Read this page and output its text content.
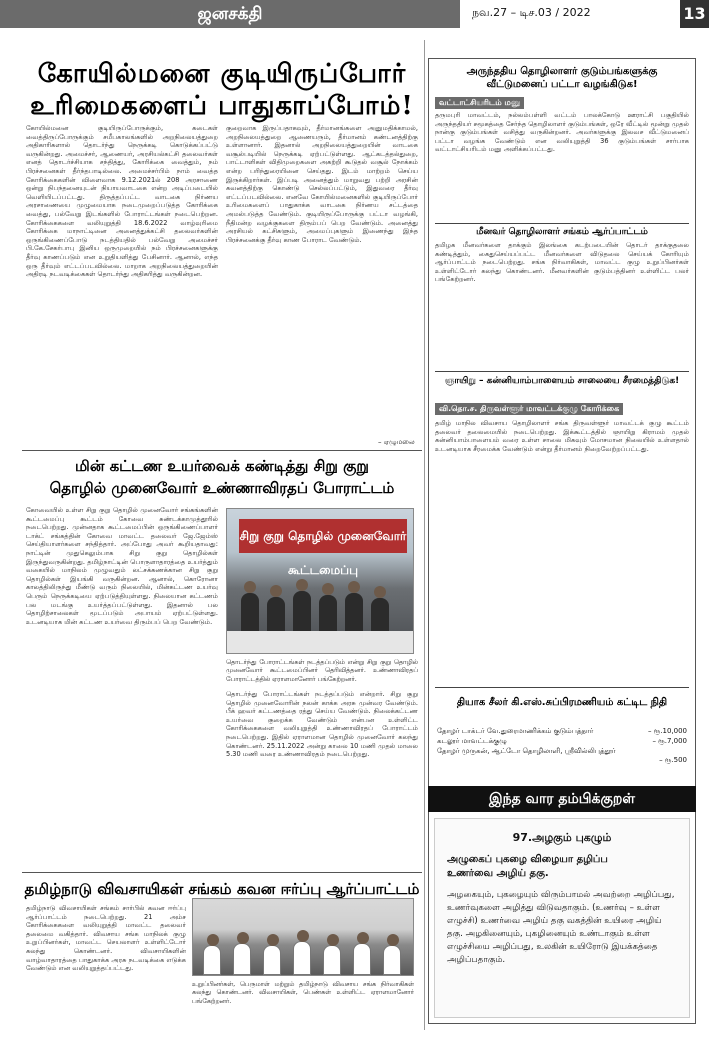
ஜனசக்தி	நவ.27 – டிச.03 / 2022	13
கோயில்மனை குடியிருப்போர்
உரிமைகளைப் பாதுகாப்போம்!
கோயில்மனை குடியிருப்போருக்கும், கடைகள் வைத்திருப்போருக்கும் சமீபகாலங்களில் அறநிலையத்துறை அதிகாரிகளால் தொடர்ந்து நெருக்கடி கொடுக்கப்பட்டு வருகின்றது. அமைச்சர், ஆணையர், அரசியல்கட்சி தலைவர்கள் எனத் தொடர்ச்சியாக சந்தித்து, கோரிக்கை வைத்தும், நம் பிரச்சனைகள் தீர்ந்தபாடில்லை. அமைச்சர்பிம் நாம் வைத்த கோரிக்கைகளின் விளைவாக 9.12.2021ல் 208 அரசாணை ஒன்று நிபந்தனையுடன் நியாயவாடகை என்ற அடிப்படையில் வெளியிடப்பட்டது. திருத்தப்பட்ட வாடகை நிர்ணய அரசாணையை முழுமையாக நடைமுறைப்படுத்த கோரிக்கை வைத்து, பல்வேறு இடங்களில் போராட்டங்கள் நடைபெற்றன. கோரிக்கைகளை வலியுறுத்தி 18.6.2022 வாழ்வுரிமை கோரிக்கை மாநாட்டினை அனைத்துக்கட்சி தலைவர்களின் ஒருங்கிணைப்போடு நடத்தியதில் பல்வேறு அமைச்சர் பி.கே.சேகர்பாபு இனிய ஒருமுறையில் நம் பிரச்சனைகளுக்கு தீர்வு காணப்படும் என உறுதியளித்து பேசினார். ஆனால், எந்த ஒரு தீர்வும் எட்டப்படவில்லை. மாறாக அறநிலையத்துறையின் அதிரடி நடவடிக்கைகள் தொடர்ந்து அதிகரித்து வருகின்றன.
குறைவாக இருப்பதாகவும், தீர்மானங்களை அனுமதிக்காமல், அறநிலையத்துறை ஆணையரும், தீர்மானம் கண்டனத்திற்கு உள்ளானார். இதனால் அறநிலையத்துறையின் வாடகை வசூல்படியில் நெருக்கடி ஏற்பட்டுள்ளது. ஆட்கடத்தல்துறை, பாட்டாளிகள் விதிமுறைகளை அகற்றி கூடுதல் வசூல் நோக்கம் என்ற பரிந்துரையினை செய்தது. இடம் மாற்றம் செய்ய இருக்கிறார்கள். இப்படி அனைத்தும் மாறுவது பற்றி அரசின் கவனத்திற்கு கொண்டு செல்லப்பட்டும், இதுவரை தீர்வு எட்டப்படவில்லை. எனவே கோயில்மனைகளில் குடியிருப்போர் உரிமைகளைப் பாதுகாக்க வாடகை நிர்ணய சட்டத்தை அமல்படுத்த வேண்டும். குடியிருப்போருக்கு பட்டா வழங்கி, நீதிமன்ற வழக்குகளை திரும்பப் பெற வேண்டும். அனைத்து அரசியல் கட்சிகளும், அமைப்புகளும் இணைந்து இந்த பிரச்சனைக்கு தீர்வு காண போராட வேண்டும்.
– ஏழுமலை
மின் கட்டண உயர்வைக் கண்டித்து சிறு குறு
தொழில் முனைவோர் உண்ணாவிரதப் போராட்டம்
கோவையில் உள்ள சிறு குறு தொழில் முனைவோர் சங்கங்களின் கூட்டமைப்பு கூட்டம் கோவை சுண்டக்காமுத்தூரில் நடைபெற்றது. முன்னதாக கூட்டமைப்பின் ஒருங்கிணைப்பாளர் டாக்ட் சங்கத்தின் கோவை மாவட்ட தலைவர் ஜே.ஜேம்ஸ் செய்தியாளர்களை சந்தித்தார். அப்போது அவர் கூறியதாவது: நாட்டின் முதுகெலும்பாக சிறு குறு தொழில்கள் இருந்துவருகின்றது. தமிழ்நாட்டின் பொருளாதாரத்தை உயர்த்தும் வகையில் மாநிலம் முழுவதும் லட்சக்கணக்கான சிறு குறு தொழில்கள் இயங்கி வருகின்றன. ஆனால், கொரோனா காலத்திலிருந்து மீண்டு வரும் நிலையில், மின்கட்டண உயர்வு பெரும் நெருக்கடியை ஏற்படுத்தியுள்ளது. நிலையான கட்டணம் பல மடங்கு உயர்த்தப்பட்டுள்ளது. இதனால் பல தொழிற்சாலைகள் மூடப்படும் அபாயம் ஏற்பட்டுள்ளது. உடனடியாக மின் கட்டண உயர்வை திரும்பப் பெற வேண்டும்.
சிறு குறு தொழில் முனைவோர் கூட்டமைப்பு
தொடர்ந்து போராட்டங்கள் நடத்தப்படும் என்று சிறு குறு தொழில் முனைவோர் கூட்டமைப்பினர் தெரிவித்தனர். உண்ணாவிரதப் போராட்டத்தில் ஏராளமானோர் பங்கேற்றனர்.
தொடர்ந்து போராட்டங்கள் நடத்தப்படும் என்றார். சிறு குறு தொழில் முனைவோரின் நலன் காக்க அரசு முன்வர வேண்டும். பீக் ஹவர் கட்டணத்தை ரத்து செய்ய வேண்டும். நிலைக்கட்டண உயர்வை குறைக்க வேண்டும் என்பன உள்ளிட்ட கோரிக்கைகளை வலியுறுத்தி உண்ணாவிரதப் போராட்டம் நடைபெற்றது. இதில் ஏராளமான தொழில் முனைவோர் கலந்து கொண்டனர். 25.11.2022 அன்று காலை 10 மணி முதல் மாலை 5.30 மணி வரை உண்ணாவிரதம் நடைபெற்றது.
தமிழ்நாடு விவசாயிகள் சங்கம் கவன ஈர்ப்பு ஆர்ப்பாட்டம்
தமிழ்நாடு விவசாயிகள் சங்கம் சார்பில் கவன ஈர்ப்பு ஆர்ப்பாட்டம் நடைபெற்றது. 21 அம்ச கோரிக்கைகளை வலியுறுத்தி மாவட்ட தலைவர் தலைமை வகித்தார். விவசாய சங்க மாநிலக் குழு உறுப்பினர்கள், மாவட்ட செயலாளர் உள்ளிட்டோர் கலந்து கொண்டனர். விவசாயிகளின் வாழ்வாதாரத்தை பாதுகாக்க அரசு நடவடிக்கை எடுக்க வேண்டும் என வலியுறுத்தப்பட்டது.
உறுப்பினர்கள், பெருமாள் மற்றும் தமிழ்நாடு விவசாய சங்க நிர்வாகிகள் கலந்து கொண்டனர். விவசாயிகள், பெண்கள் உள்ளிட்ட ஏராளமானோர் பங்கேற்றனர்.
அருந்ததிய தொழிலாளர் குடும்பங்களுக்கு
வீட்டுமனைப் பட்டா வழங்கிடுக!
வட்டாட்சியரிடம் மனு
தருமபுரி மாவட்டம், நல்லம்பள்ளி வட்டம் பாலக்கோடு ஊராட்சி பகுதியில் அருந்ததியர் சமூகத்தை சேர்ந்த தொழிலாளர் குடும்பங்கள், ஒரே வீட்டில் மூன்று முதல் நான்கு குடும்பங்கள் வசித்து வருகின்றனர். அவர்களுக்கு இலவச வீட்டுமனைப் பட்டா வழங்க வேண்டும் என வலியுறுத்தி 36 குடும்பங்கள் சார்பாக வட்டாட்சியரிடம் மனு அளிக்கப்பட்டது.
மீனவர் தொழிலாளர் சங்கம் ஆர்ப்பாட்டம்
தமிழக மீனவர்களை தாக்கும் இலங்கை கடற்படையின் தொடர் தாக்குதலை கண்டித்தும், கைதுசெய்யப்பட்ட மீனவர்களை விடுதலை செய்யக் கோரியும் ஆர்ப்பாட்டம் நடைபெற்றது. சங்க நிர்வாகிகள், மாவட்ட குழு உறுப்பினர்கள் உள்ளிட்டோர் கலந்து கொண்டனர். மீனவர்களின் குடும்பத்தினர் உள்ளிட்ட பலர் பங்கேற்றனர்.
ஞாயிறு – கன்னியாம்பாளையம் சாலையை சீரமைத்திடுக!
வி.தொ.ச. திருவள்ளூர் மாவட்டக்குழு கோரிக்கை
தமிழ் மாநில விவசாய தொழிலாளர் சங்க திருவள்ளூர் மாவட்டக் குழு கூட்டம் தலைவர் தலைமையில் நடைபெற்றது. இக்கூட்டத்தில் ஞாயிறு கிராமம் முதல் கன்னியாம்பாளையம் வரை உள்ள சாலை மிகவும் மோசமான நிலையில் உள்ளதால் உடனடியாக சீரமைக்க வேண்டும் என்று தீர்மானம் நிறைவேற்றப்பட்டது.
தியாக சீலர் கி.எஸ்.சுப்பிரமணியம் கட்டிட நிதி
தோழர் டாக்டர் வே.துரைமாணிக்கம் குடும்பத்தார்	– ரூ.10,000
கடலூர் மாவட்டக்குழு	– ரூ.7,000
தோழர் முருகன், ஆட்டோ தொழிலாளி, ஸ்ரீவில்லிபுத்தூர்
– ரூ.500
இந்த வார தம்பிக்குறள்
97.அழகும் புகழும்
அழுகைப் புகழை விழையா தழிப்ப
உணர்வை அழிய் தகு.
அழகையும், புகழையும் விரும்பாமல் அவற்றை அழிப்பது, உணர்வுகளை அழித்து விடுவதாகும். (உணர்வு – உள்ள எழுச்சி) உணர்வை அழிய் தகு வகத்தின் உயிரை அழிய் தகு. அழகினையும், புகழினையும் உண்டாகும் உள்ள எழுச்சியை அழிப்பது, உலகின் உயிரோடு இயக்கத்தை அழிப்பதாகும்.
